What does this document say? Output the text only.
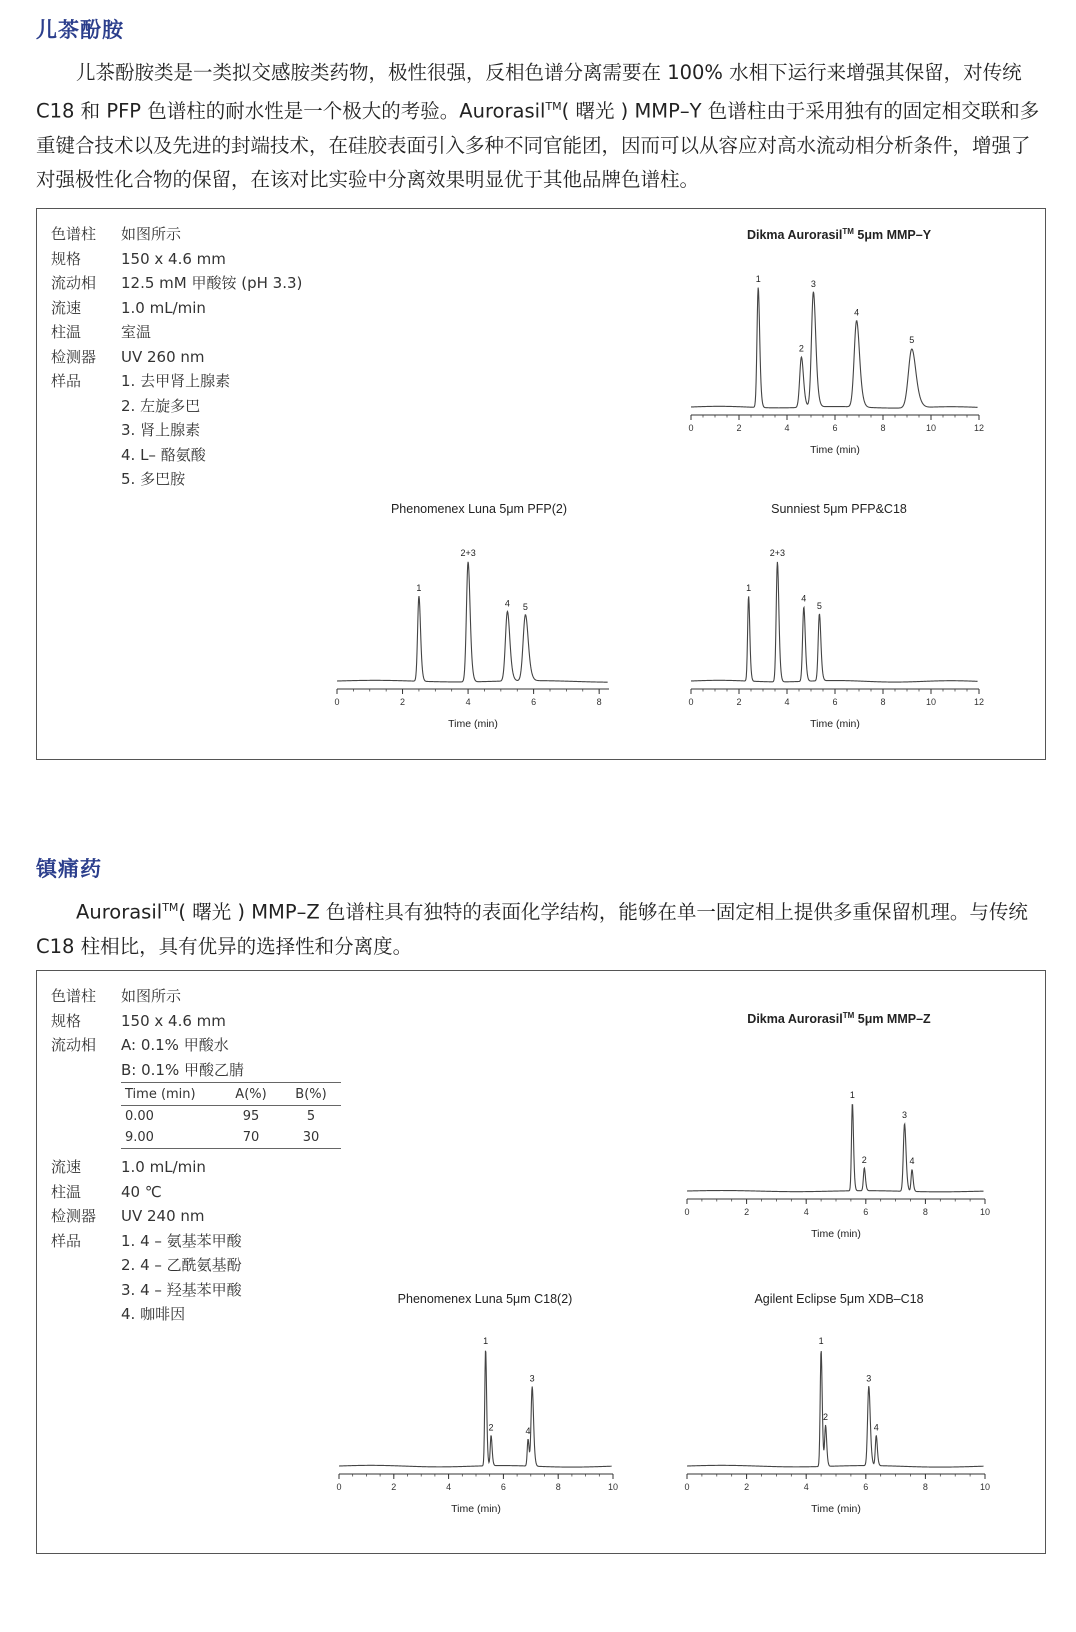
儿茶酚胺
儿茶酚胺类是一类拟交感胺类药物，极性很强，反相色谱分离需要在 100% 水相下运行来增强其保留，对传统 C18 和 PFP 色谱柱的耐水性是一个极大的考验。Aurorasil™( 曙光 ) MMP–Y 色谱柱由于采用独有的固定相交联和多重键合技术以及先进的封端技术，在硅胶表面引入多种不同官能团，因而可以从容应对高水流动相分析条件，增强了对强极性化合物的保留，在该对比实验中分离效果明显优于其他品牌色谱柱。
色谱柱 如图所示
规格	150 x 4.6 mm
流动相 12.5 mM 甲酸铵 (pH 3.3)
流速	1.0 mL/min
柱温	室温
检测器 UV 260 nm
样品	1. 去甲肾上腺素
2. 左旋多巴
3. 肾上腺素
4. L– 酪氨酸
5. 多巴胺
Dikma Aurorasil™ 5μm MMP–Y
1
2
3
4
5
0	2	4	6	8	10	12
Time (min)
Phenomenex Luna 5μm PFP(2)
1
2+3
4 5
0	2	4	6	8
Time (min)
Sunniest 5μm PFP&C18
1
2+3
4
5
0	2	4	6	8	10	12
Time (min)
镇痛药
Aurorasil™( 曙光 ) MMP–Z 色谱柱具有独特的表面化学结构，能够在单一固定相上提供多重保留机理。与传统 C18 柱相比，具有优异的选择性和分离度。
色谱柱 如图所示
规格	150 x 4.6 mm
流动相 A: 0.1% 甲酸水
B: 0.1% 甲酸乙腈
Time (min)	A(%)	B(%)
0.00	95	5
9.00	70	30
流速	1.0 mL/min
柱温	40 ℃
检测器 UV 240 nm
样品	1. 4 – 氨基苯甲酸
2. 4 – 乙酰氨基酚
3. 4 – 羟基苯甲酸
4. 咖啡因
Dikma Aurorasil™ 5μm MMP–Z
1
2
3
4
0	2	4	6	8	10
Time (min)
Phenomenex Luna 5μm C18(2)
1
2	4
3
0	2	4	6	8	10
Time (min)
Agilent Eclipse 5μm XDB–C18
1
2
3
4
0	2	4	6	8	10
Time (min)
